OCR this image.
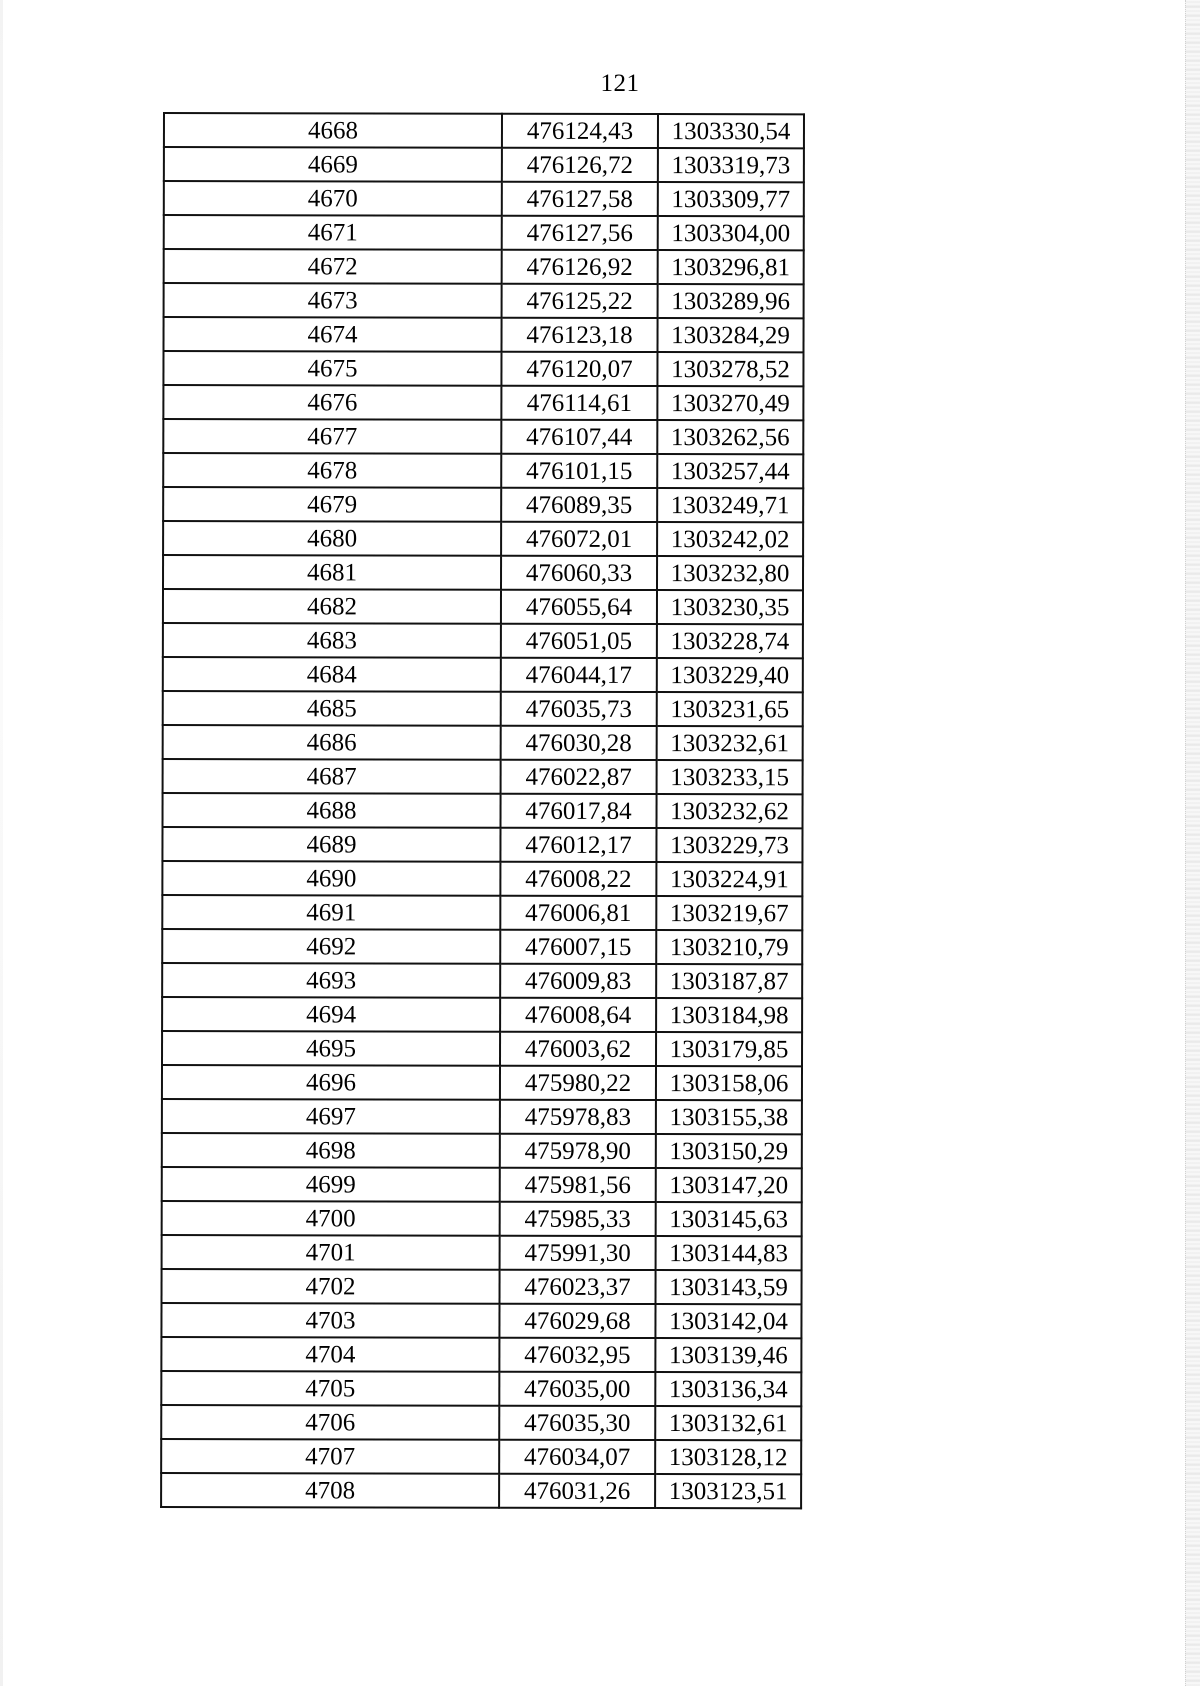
121
4668	476124,43	1303330,54
4669	476126,72	1303319,73
4670	476127,58	1303309,77
4671	476127,56	1303304,00
4672	476126,92	1303296,81
4673	476125,22	1303289,96
4674	476123,18	1303284,29
4675	476120,07	1303278,52
4676	476114,61	1303270,49
4677	476107,44	1303262,56
4678	476101,15	1303257,44
4679	476089,35	1303249,71
4680	476072,01	1303242,02
4681	476060,33	1303232,80
4682	476055,64	1303230,35
4683	476051,05	1303228,74
4684	476044,17	1303229,40
4685	476035,73	1303231,65
4686	476030,28	1303232,61
4687	476022,87	1303233,15
4688	476017,84	1303232,62
4689	476012,17	1303229,73
4690	476008,22	1303224,91
4691	476006,81	1303219,67
4692	476007,15	1303210,79
4693	476009,83	1303187,87
4694	476008,64	1303184,98
4695	476003,62	1303179,85
4696	475980,22	1303158,06
4697	475978,83	1303155,38
4698	475978,90	1303150,29
4699	475981,56	1303147,20
4700	475985,33	1303145,63
4701	475991,30	1303144,83
4702	476023,37	1303143,59
4703	476029,68	1303142,04
4704	476032,95	1303139,46
4705	476035,00	1303136,34
4706	476035,30	1303132,61
4707	476034,07	1303128,12
4708	476031,26	1303123,51
